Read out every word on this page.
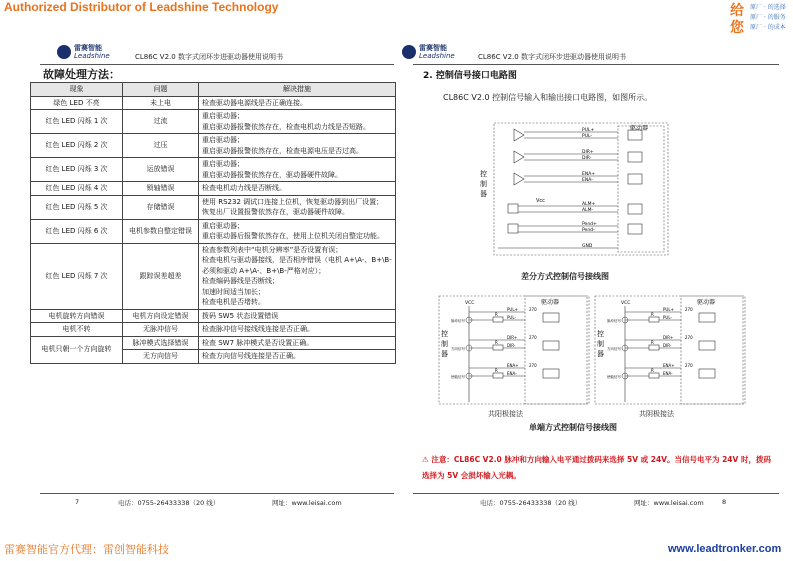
Authorized Distributor of Leadshine Technology	给
您
原厂 · 的选择
原厂 · 的服务
原厂 · 的成本
雷赛智能
Leadshine	CL86C V2.0 数字式闭环步进驱动器使用说明书
故障处理方法：
现象	问题	解决措施
绿色 LED 不亮	未上电	检查驱动器电源线是否正确连接。

红色 LED 闪烁 1 次	过流	重启驱动器；
重启驱动器报警依然存在，检查电机动力线是否短路。

红色 LED 闪烁 2 次	过压	重启驱动器；
重启驱动器报警依然存在，检查电源电压是否过高。

红色 LED 闪烁 3 次	运放错误	重启驱动器；
重启驱动器报警依然存在，驱动器硬件故障。

红色 LED 闪烁 4 次	锁轴错误	检查电机动力线是否断线。

红色 LED 闪烁 5 次	存储错误	使用 RS232 调试口连接上位机，恢复驱动器到出厂设置；
恢复出厂设置报警依然存在，驱动器硬件故障。

红色 LED 闪烁 6 次	电机参数自整定错误	重启驱动器；
重启驱动器后报警依然存在，使用上位机关闭自整定功能。

红色 LED 闪烁 7 次	跟踪误差超差	检查参数列表中“电机分辨率”是否设置有误；
检查电机与驱动器接线，是否相序错误（电机 A+\A-、B+\B-必须和驱动 A+\A-、B+\B-严格对应）；
检查编码器线是否断线；
加速时间适当加长；
检查电机是否堵转。

电机旋转方向错误	电机方向设定错误	拨码 SW5 状态设置错误

电机不转	无脉冲信号	检查脉冲信号接线线连接是否正确。

电机只朝一个方向旋转	脉冲模式选择错误	检查 SW7 脉冲模式是否设置正确。

	无方向信号	检查方向信号线连接是否正确。
7	电话：0755-26433338（20 线）	网址：www.leisai.com
雷赛智能
Leadshine	CL86C V2.0 数字式闭环步进驱动器使用说明书
2. 控制信号接口电路图
CL86C V2.0 控制信号输入和输出接口电路图，如图所示。
PUL+
PUL-
DIR+
DIR-
ENA+
ENA-
ALM+
ALM-
Pend+
Pend-
GND
驱动器
控
制
器
Vcc
差分方式控制信号接线图
驱动器
VCC
控
制
器
R
PUL+
PUL-
270
脉冲信号
R
DIR+
DIR-
270
方向信号
R
ENA+
ENA-
270
使能信号
驱动器
VCC
控
制
器
R
PUL+
PUL-
270
脉冲信号
R
DIR+
DIR-
270
方向信号
R
ENA+
ENA-
270
使能信号
共阳极接法	共阴极接法
单端方式控制信号接线图
⚠ 注意：CL86C V2.0 脉冲和方向输入电平通过拨码来选择 5V 或 24V。当信号电平为 24V 时，拨码选择为 5V 会损坏输入光耦。
电话：0755-26433338（20 线）	网址：www.leisai.com	8
雷赛智能官方代理：雷创智能科技	www.leadtronker.com
